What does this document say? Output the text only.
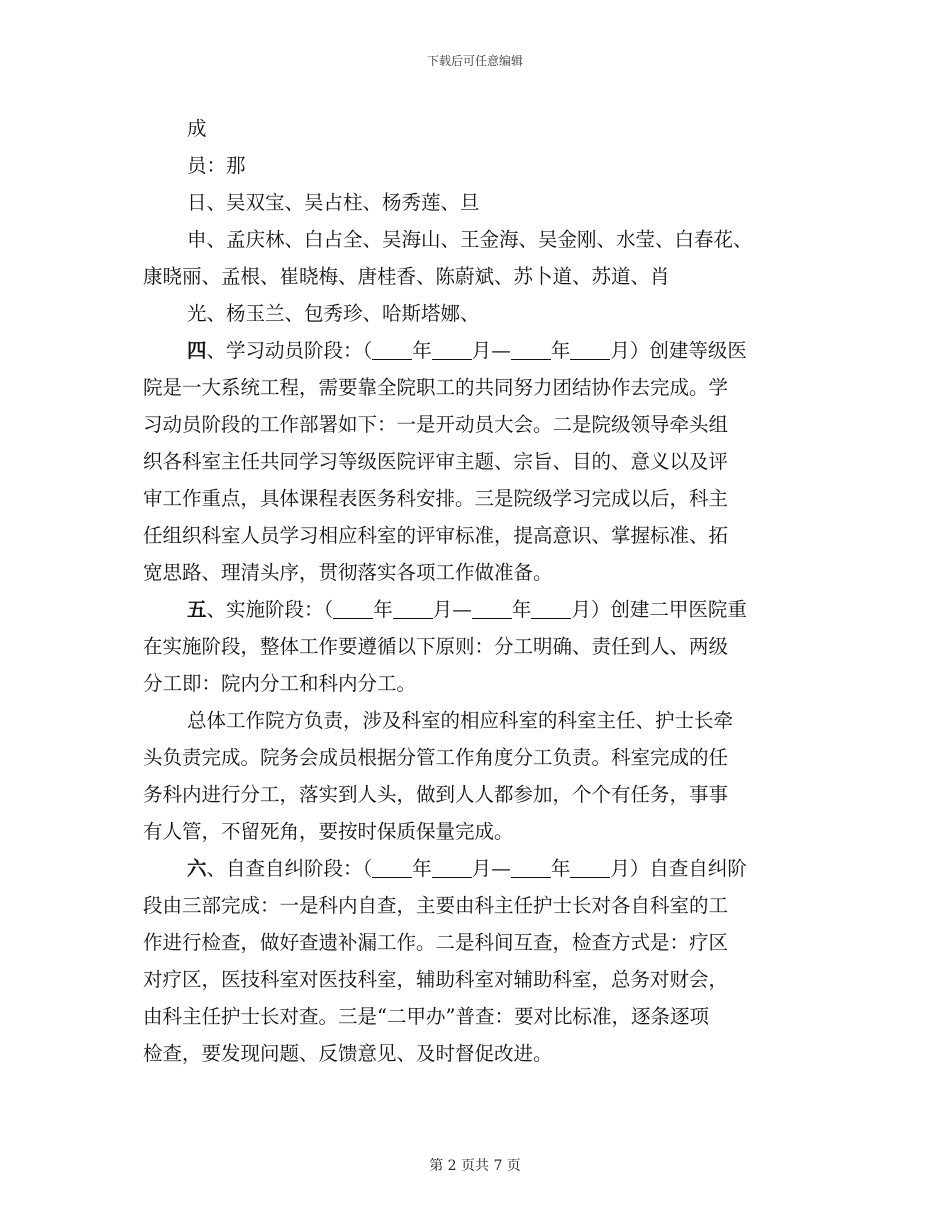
下载后可任意编辑
成
员：那
日、吴双宝、吴占柱、杨秀莲、旦
申、孟庆林、白占全、吴海山、王金海、吴金刚、水莹、白春花、
康晓丽、孟根、崔晓梅、唐桂香、陈蔚斌、苏卜道、苏道、肖
光、杨玉兰、包秀珍、哈斯塔娜、
四、学习动员阶段：（ 年 月— 年 月）创建等级医
院是一大系统工程，需要靠全院职工的共同努力团结协作去完成。学
习动员阶段的工作部署如下：一是开动员大会。二是院级领导牵头组
织各科室主任共同学习等级医院评审主题、宗旨、目的、意义以及评
审工作重点，具体课程表医务科安排。三是院级学习完成以后，科主
任组织科室人员学习相应科室的评审标准，提高意识、掌握标准、拓
宽思路、理清头序，贯彻落实各项工作做准备。
五、实施阶段：（ 年 月— 年 月）创建二甲医院重
在实施阶段，整体工作要遵循以下原则：分工明确、责任到人、两级
分工即：院内分工和科内分工。
总体工作院方负责，涉及科室的相应科室的科室主任、护士长牵
头负责完成。院务会成员根据分管工作角度分工负责。科室完成的任
务科内进行分工，落实到人头，做到人人都参加，个个有任务，事事
有人管，不留死角，要按时保质保量完成。
六、自查自纠阶段：（ 年 月— 年 月）自查自纠阶
段由三部完成：一是科内自查，主要由科主任护士长对各自科室的工
作进行检查，做好查遗补漏工作。二是科间互查，检查方式是：疗区
对疗区，医技科室对医技科室，辅助科室对辅助科室，总务对财会，
由科主任护士长对查。三是“二甲办”普查：要对比标准，逐条逐项
检查，要发现问题、反馈意见、及时督促改进。
第 2 页共 7 页
